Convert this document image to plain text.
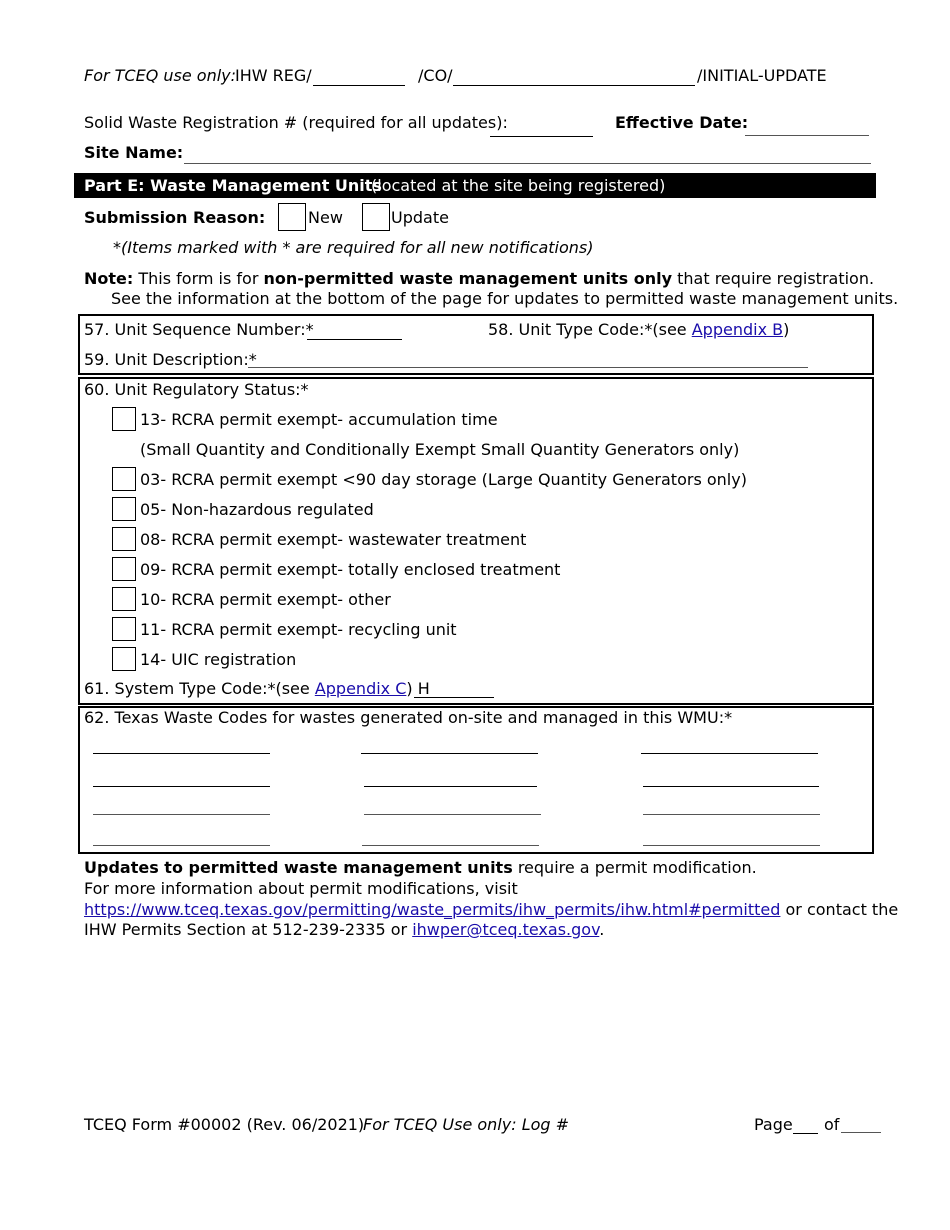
For TCEQ use only:
IHW REG/	/CO/	/INITIAL-UPDATE
Solid Waste Registration # (required for all updates):	Effective Date:
Site Name:
Part E: Waste Management Units
(located at the site being registered)
Submission Reason:	New	Update
*(Items marked with * are required for all new notifications)
Note: This form is for non-permitted waste management units only that require registration.
See the information at the bottom of the page for updates to permitted waste management units.
57. Unit Sequence Number:*	58. Unit Type Code:*(see Appendix B)
59. Unit Description:*
60. Unit Regulatory Status:*
13- RCRA permit exempt- accumulation time
(Small Quantity and Conditionally Exempt Small Quantity Generators only)
03- RCRA permit exempt <90 day storage (Large Quantity Generators only)
05- Non-hazardous regulated
08- RCRA permit exempt- wastewater treatment
09- RCRA permit exempt- totally enclosed treatment
10- RCRA permit exempt- other
11- RCRA permit exempt- recycling unit
14- UIC registration
61. System Type Code:*(see Appendix C) H
62. Texas Waste Codes for wastes generated on-site and managed in this WMU:*
Updates to permitted waste management units require a permit modification.
For more information about permit modifications, visit
https://www.tceq.texas.gov/permitting/waste_permits/ihw_permits/ihw.html#permitted or contact the
IHW Permits Section at 512-239-2335 or ihwper@tceq.texas.gov.
TCEQ Form #00002 (Rev. 06/2021)
For TCEQ Use only: Log #	Page of
